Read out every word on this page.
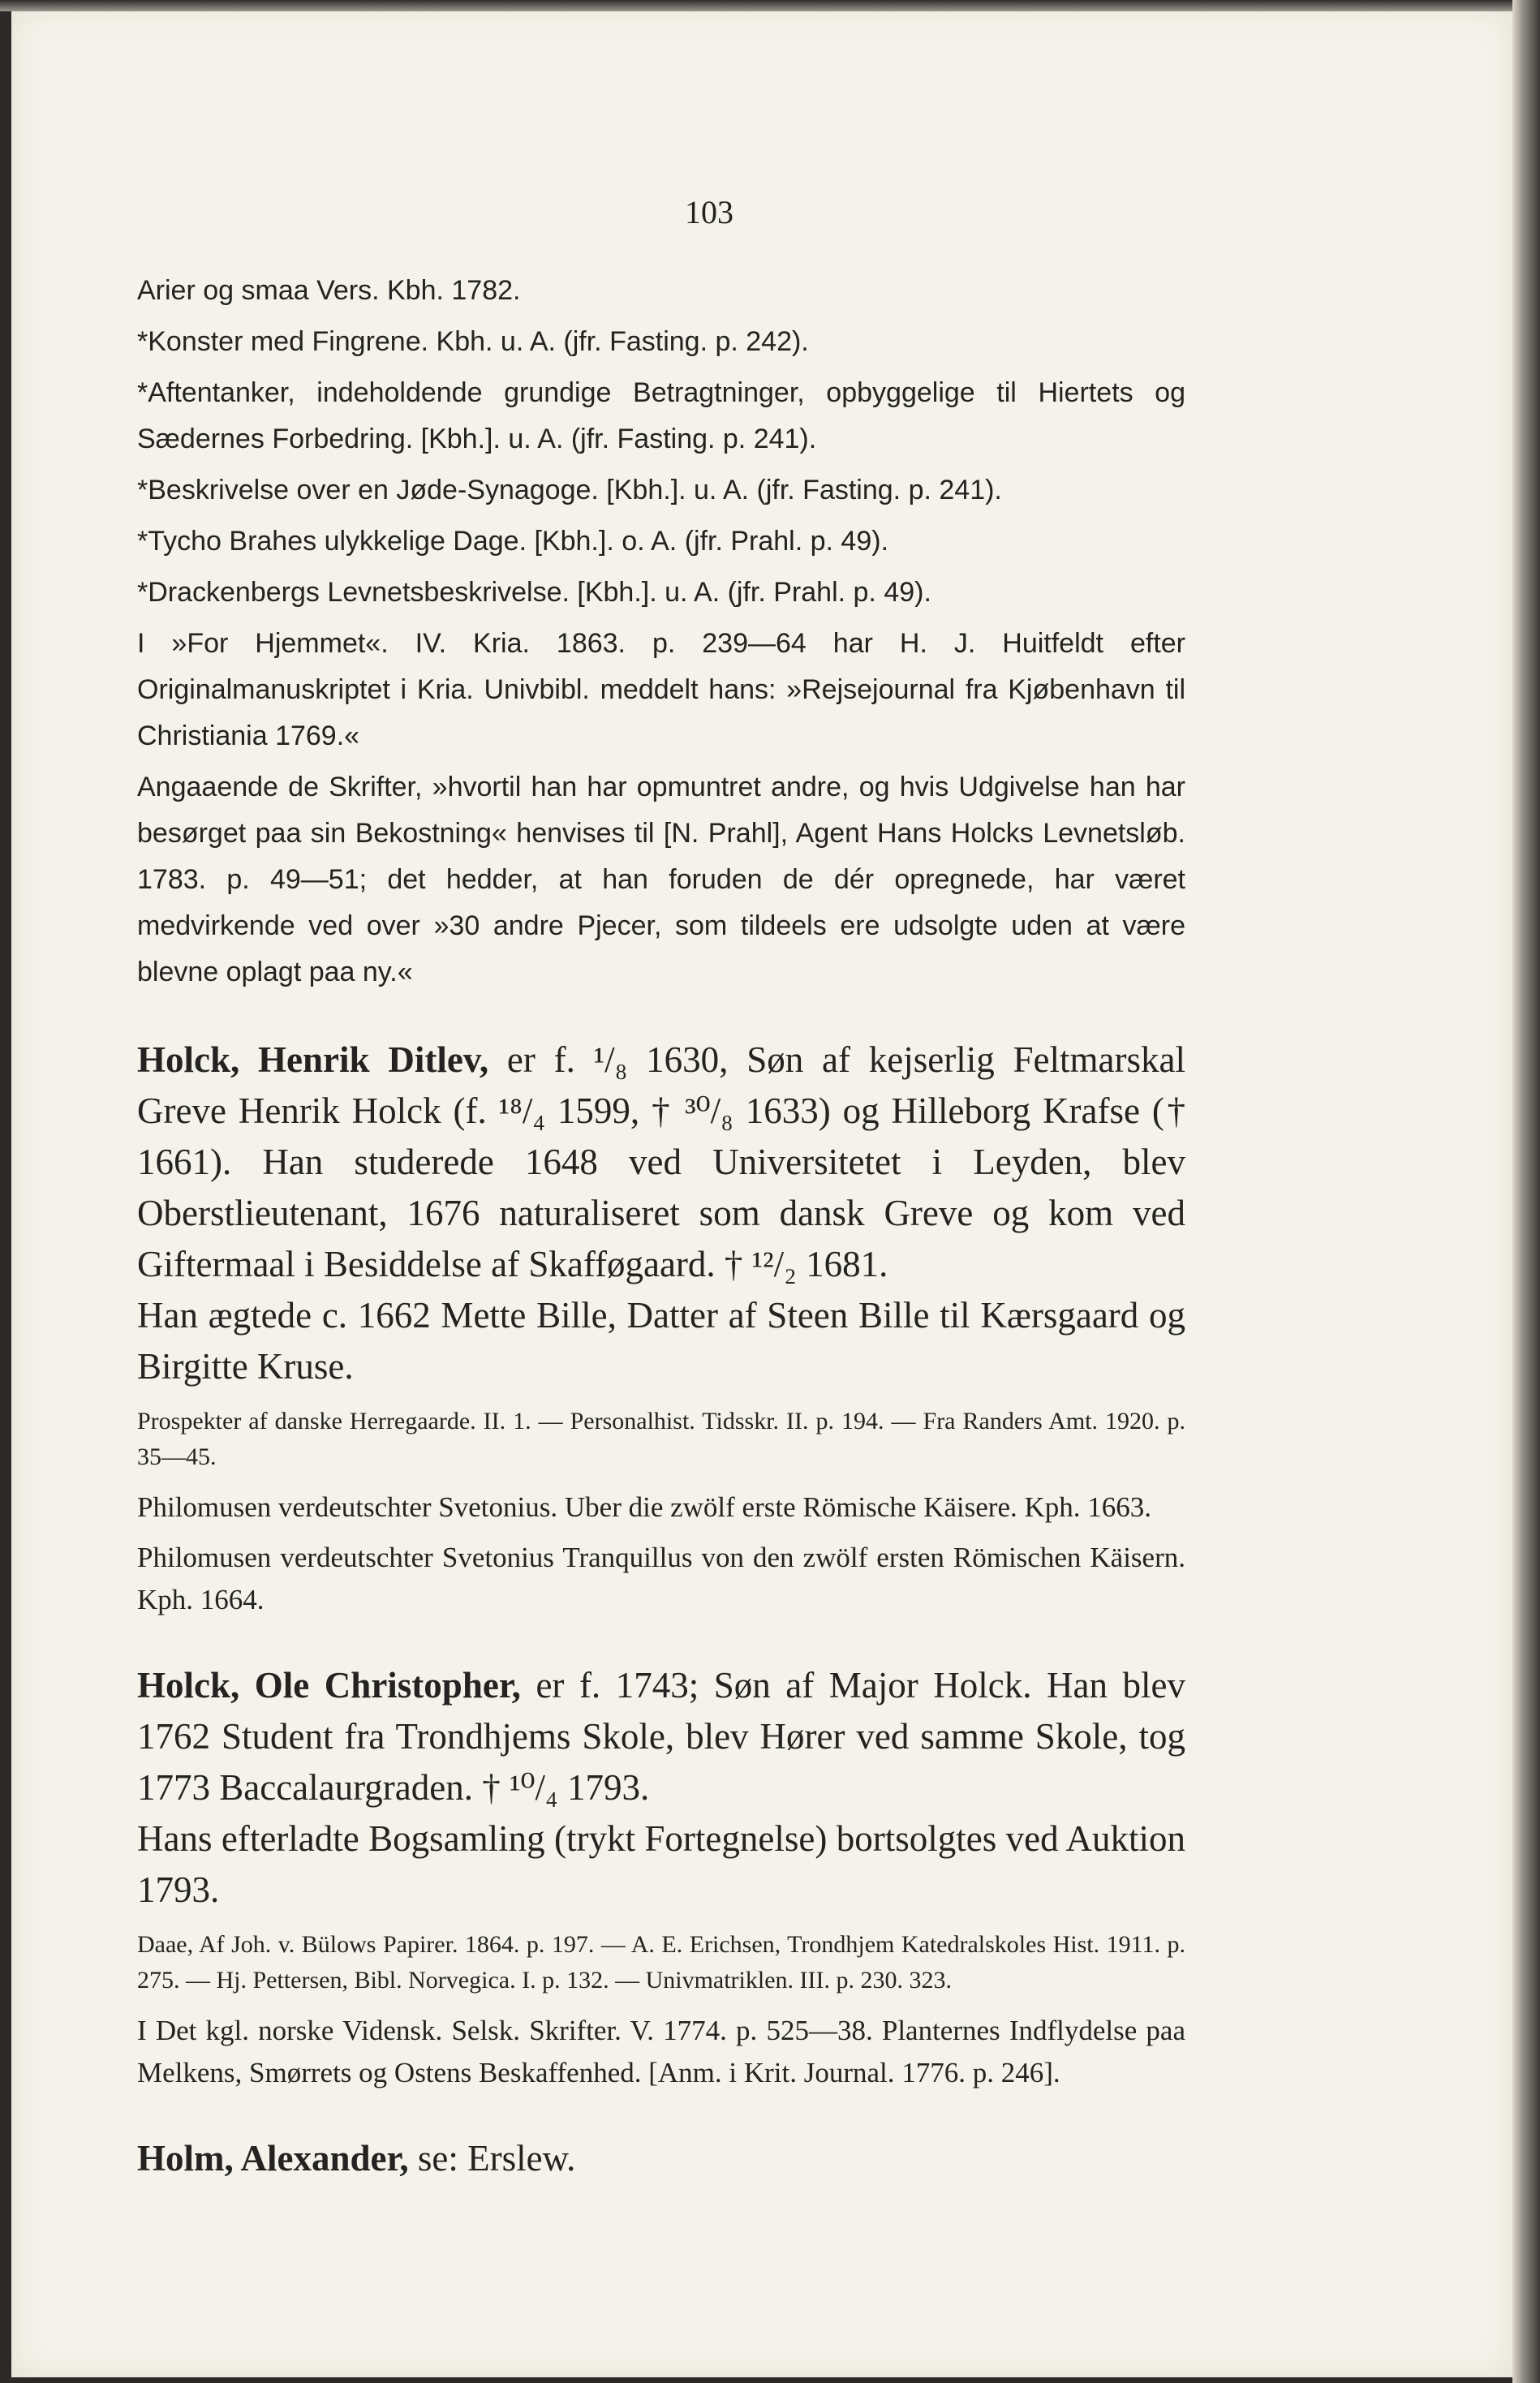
103

Arier og smaa Vers. Kbh. 1782.

*Konster med Fingrene. Kbh. u. A. (jfr. Fasting. p. 242).

*Aftentanker, indeholdende grundige Betragtninger, opbyggelige til Hiertets og Sædernes Forbedring. [Kbh.]. u. A. (jfr. Fasting. p. 241).

*Beskrivelse over en Jøde-Synagoge. [Kbh.]. u. A. (jfr. Fasting. p. 241).

*Tycho Brahes ulykkelige Dage. [Kbh.]. o. A. (jfr. Prahl. p. 49).

*Drackenbergs Levnetsbeskrivelse. [Kbh.]. u. A. (jfr. Prahl. p. 49).

I »For Hjemmet«. IV. Kria. 1863. p. 239—64 har H. J. Huitfeldt efter Originalmanuskriptet i Kria. Univbibl. meddelt hans: »Rejsejournal fra Kjøbenhavn til Christiania 1769.«

Angaaende de Skrifter, »hvortil han har opmuntret andre, og hvis Udgivelse han har besørget paa sin Bekostning« henvises til [N. Prahl], Agent Hans Holcks Levnetsløb. 1783. p. 49—51; det hedder, at han foruden de dér opregnede, har været medvirkende ved over »30 andre Pjecer, som tildeels ere udsolgte uden at være blevne oplagt paa ny.«

Holck, Henrik Ditlev, er f. ¹/₈ 1630, Søn af kejserlig Feltmarskal Greve Henrik Holck (f. ¹⁸/₄ 1599, † ³⁰/₈ 1633) og Hilleborg Krafse († 1661). Han studerede 1648 ved Universitetet i Leyden, blev Oberstlieutenant, 1676 naturaliseret som dansk Greve og kom ved Giftermaal i Besiddelse af Skafføgaard. † ¹²/₂ 1681.

Han ægtede c. 1662 Mette Bille, Datter af Steen Bille til Kærsgaard og Birgitte Kruse.

Prospekter af danske Herregaarde. II. 1. — Personalhist. Tidsskr. II. p. 194. — Fra Randers Amt. 1920. p. 35—45.

Philomusen verdeutschter Svetonius. Uber die zwölf erste Römische Käisere. Kph. 1663.

Philomusen verdeutschter Svetonius Tranquillus von den zwölf ersten Römischen Käisern. Kph. 1664.

Holck, Ole Christopher, er f. 1743; Søn af Major Holck. Han blev 1762 Student fra Trondhjems Skole, blev Hører ved samme Skole, tog 1773 Baccalaurgraden. † ¹⁰/₄ 1793.

Hans efterladte Bogsamling (trykt Fortegnelse) bortsolgtes ved Auktion 1793.

Daae, Af Joh. v. Bülows Papirer. 1864. p. 197. — A. E. Erichsen, Trondhjem Katedralskoles Hist. 1911. p. 275. — Hj. Pettersen, Bibl. Norvegica. I. p. 132. — Univmatriklen. III. p. 230. 323.

I Det kgl. norske Vidensk. Selsk. Skrifter. V. 1774. p. 525—38. Planternes Indflydelse paa Melkens, Smørrets og Ostens Beskaffenhed. [Anm. i Krit. Journal. 1776. p. 246].

Holm, Alexander, se: Erslew.
